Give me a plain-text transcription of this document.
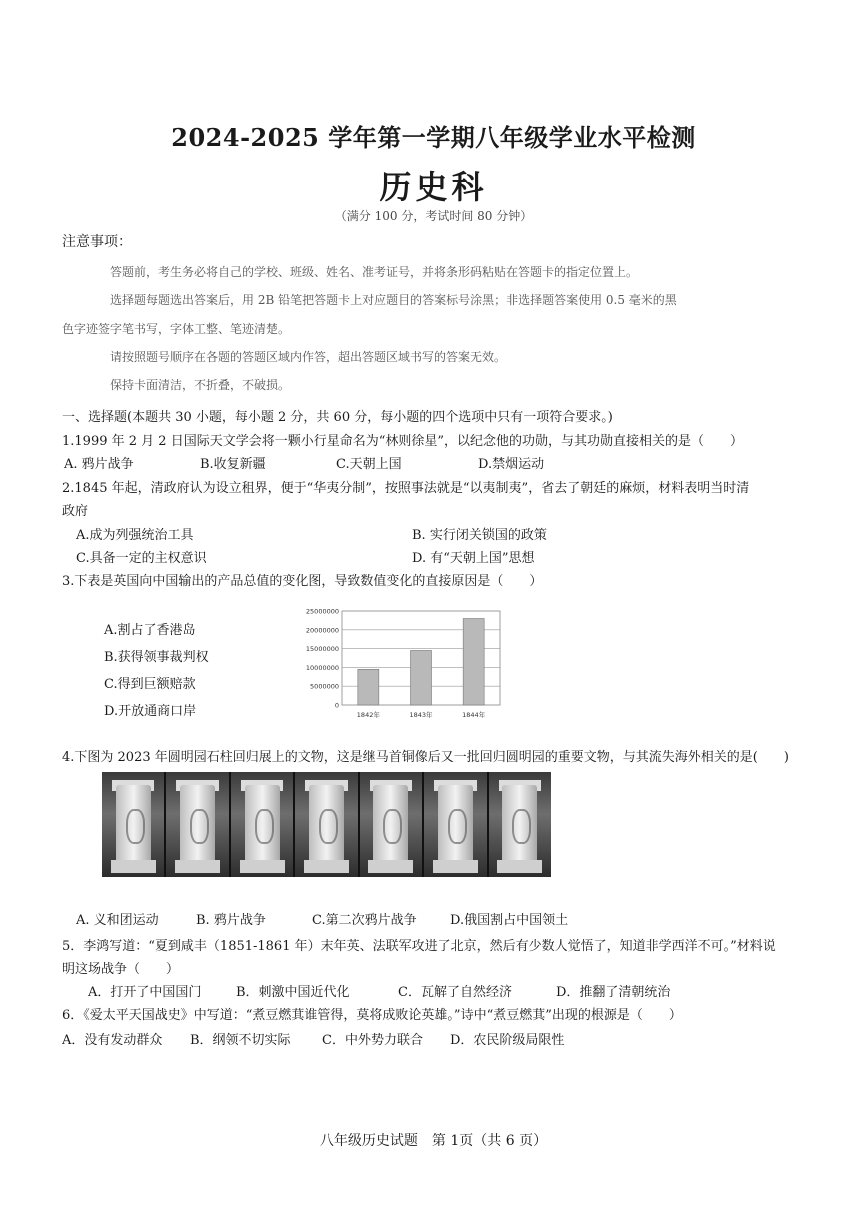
2024-2025 学年第一学期八年级学业水平检测
历史科
（满分 100 分，考试时间 80 分钟）
注意事项：
答题前，考生务必将自己的学校、班级、姓名、准考证号，并将条形码粘贴在答题卡的指定位置上。
选择题每题选出答案后，用 2B 铅笔把答题卡上对应题目的答案标号涂黑；非选择题答案使用 0.5 毫米的黑
色字迹签字笔书写，字体工整、笔迹清楚。
请按照题号顺序在各题的答题区域内作答，超出答题区域书写的答案无效。
保持卡面清洁，不折叠，不破损。
一、选择题(本题共 30 小题，每小题 2 分，共 60 分，每小题的四个选项中只有一项符合要求。)
1.1999 年 2 月 2 日国际天文学会将一颗小行星命名为“林则徐星”，以纪念他的功勋，与其功勋直接相关的是（　　）
A. 鸦片战争	B.收复新疆	C.天朝上国	D.禁烟运动
2.1845 年起，清政府认为设立租界，便于“华夷分制”，按照事法就是“以夷制夷”，省去了朝廷的麻烦，材料表明当时清
政府
A.成为列强统治工具	B. 实行闭关锁国的政策
C.具备一定的主权意识	D. 有“天朝上国”思想
3.下表是英国向中国输出的产品总值的变化图，导致数值变化的直接原因是（　　）
A.割占了香港岛
B.获得领事裁判权
C.得到巨额赔款
D.开放通商口岸	0
5000000
10000000
15000000
20000000
25000000
1842年	1843年	1844年
4.下图为 2023 年圆明园石柱回归展上的文物，这是继马首铜像后又一批回归圆明园的重要文物，与其流失海外相关的是(　　)
A. 义和团运动	B. 鸦片战争	C.第二次鸦片战争	D.俄国割占中国领土
5．李鸿写道：“夏到咸丰（1851-1861 年）末年英、法联军攻进了北京，然后有少数人觉悟了，知道非学西洋不可。”材料说
明这场战争（　　）
A．打开了中国国门	B．刺激中国近代化	C．瓦解了自然经济	D．推翻了清朝统治
6．《爱太平天国战史》中写道：“煮豆燃萁谁管得，莫将成败论英雄。”诗中“煮豆燃萁”出现的根源是（　　）
A．没有发动群众 B．纲领不切实际 C．中外势力联合 D．农民阶级局限性
八年级历史试题　第 1页（共 6 页）
